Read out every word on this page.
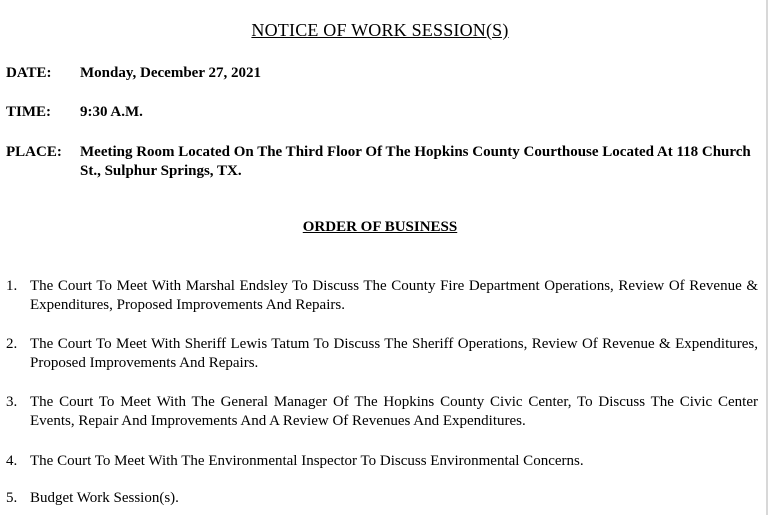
NOTICE OF WORK SESSION(S)
DATE: Monday, December 27, 2021
TIME: 9:30 A.M.
PLACE: Meeting Room Located On The Third Floor Of The Hopkins County Courthouse Located At 118 Church St., Sulphur Springs, TX.
ORDER OF BUSINESS
1. The Court To Meet With Marshal Endsley To Discuss The County Fire Department Operations, Review Of Revenue & Expenditures, Proposed Improvements And Repairs.
2. The Court To Meet With Sheriff Lewis Tatum To Discuss The Sheriff Operations, Review Of Revenue & Expenditures, Proposed Improvements And Repairs.
3. The Court To Meet With The General Manager Of The Hopkins County Civic Center, To Discuss The Civic Center Events, Repair And Improvements And A Review Of Revenues And Expenditures.
4. The Court To Meet With The Environmental Inspector To Discuss Environmental Concerns.
5. Budget Work Session(s).
